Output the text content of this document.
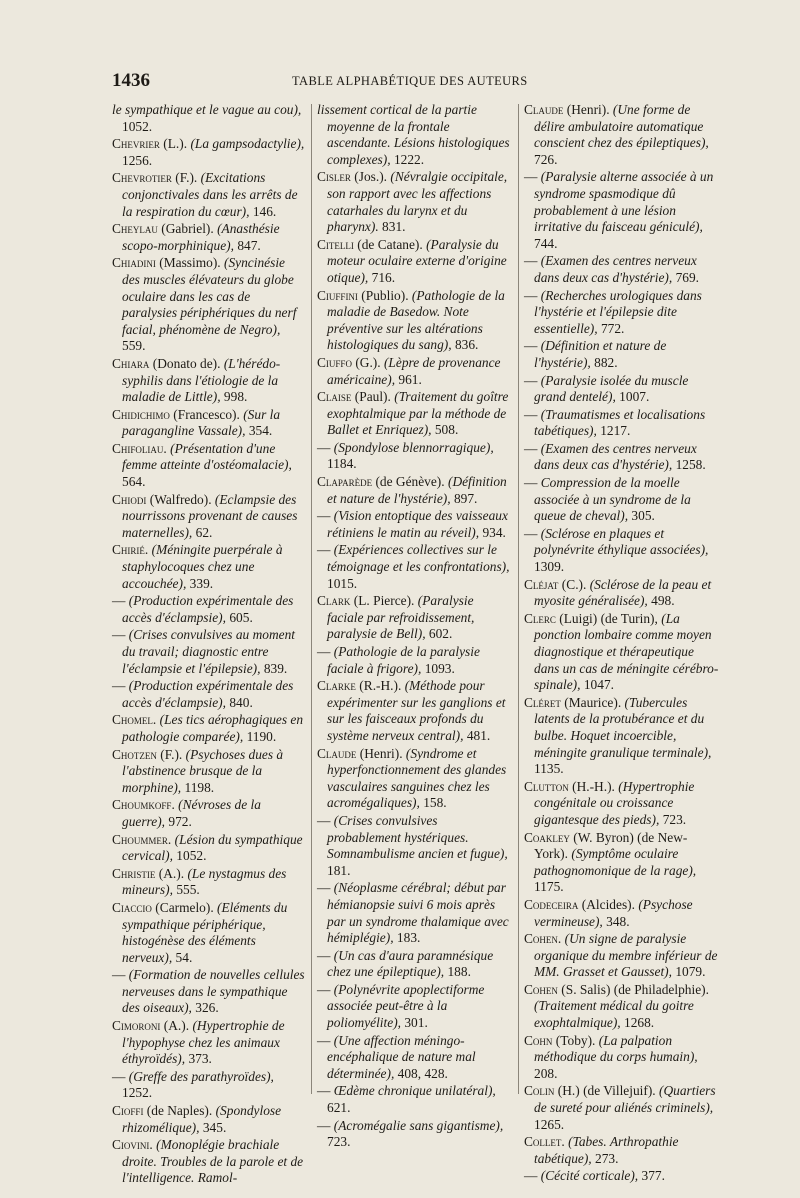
1436	TABLE ALPHABÉTIQUE DES AUTEURS
le sympathique et le vague au cou), 1052.
Chevrier (L.). (La gampsodactylie), 1256.
Chevrotier (F.). (Excitations conjonctivales dans les arrêts de la respiration du cœur), 146.
Cheylau (Gabriel). (Anasthésie scopo-morphinique), 847.
Chiadini (Massimo). (Syncinésie des muscles élévateurs du globe oculaire dans les cas de paralysies périphériques du nerf facial, phénomène de Negro), 559.
Chiara (Donato de). (L'hérédo-syphilis dans l'étiologie de la maladie de Little), 998.
Chidichimo (Francesco). (Sur la paragangline Vassale), 354.
Chifoliau. (Présentation d'une femme atteinte d'ostéomalacie), 564.
Chiodi (Walfredo). (Eclampsie des nourrissons provenant de causes maternelles), 62.
Chirié. (Méningite puerpérale à staphylocoques chez une accouchée), 339.
— (Production expérimentale des accès d'éclampsie), 605.
— (Crises convulsives au moment du travail; diagnostic entre l'éclampsie et l'épilepsie), 839.
— (Production expérimentale des accès d'éclampsie), 840.
Chomel. (Les tics aérophagiques en pathologie comparée), 1190.
Chotzen (F.). (Psychoses dues à l'abstinence brusque de la morphine), 1198.
Choumkoff. (Névroses de la guerre), 972.
Choummer. (Lésion du sympathique cervical), 1052.
Christie (A.). (Le nystagmus des mineurs), 555.
Ciaccio (Carmelo). (Eléments du sympathique périphérique, histogénèse des éléments nerveux), 54.
— (Formation de nouvelles cellules nerveuses dans le sympathique des oiseaux), 326.
Cimoroni (A.). (Hypertrophie de l'hypophyse chez les animaux éthyroïdés), 373.
— (Greffe des parathyroïdes), 1252.
Cioffi (de Naples). (Spondylose rhizomélique), 345.
Ciovini. (Monoplégie brachiale droite. Troubles de la parole et de l'intelligence. Ramol-
lissement cortical de la partie moyenne de la frontale ascendante. Lésions histologiques complexes), 1222.
Cisler (Jos.). (Névralgie occipitale, son rapport avec les affections catarhales du larynx et du pharynx). 831.
Citelli (de Catane). (Paralysie du moteur oculaire externe d'origine otique), 716.
Ciuffini (Publio). (Pathologie de la maladie de Basedow. Note préventive sur les altérations histologiques du sang), 836.
Ciuffo (G.). (Lèpre de provenance américaine), 961.
Claise (Paul). (Traitement du goître exophtalmique par la méthode de Ballet et Enriquez), 508.
— (Spondylose blennorragique), 1184.
Claparède (de Génève). (Définition et nature de l'hystérie), 897.
— (Vision entoptique des vaisseaux rétiniens le matin au réveil), 934.
— (Expériences collectives sur le témoignage et les confrontations), 1015.
Clark (L. Pierce). (Paralysie faciale par refroidissement, paralysie de Bell), 602.
— (Pathologie de la paralysie faciale à frigore), 1093.
Clarke (R.-H.). (Méthode pour expérimenter sur les ganglions et sur les faisceaux profonds du système nerveux central), 481.
Claude (Henri). (Syndrome et hyperfonctionnement des glandes vasculaires sanguines chez les acromégaliques), 158.
— (Crises convulsives probablement hystériques. Somnambulisme ancien et fugue), 181.
— (Néoplasme cérébral; début par hémianopsie suivi 6 mois après par un syndrome thalamique avec hémiplégie), 183.
— (Un cas d'aura paramnésique chez une épileptique), 188.
— (Polynévrite apoplectiforme associée peut-être à la poliomyélite), 301.
— (Une affection méningo-encéphalique de nature mal déterminée), 408, 428.
— Œdème chronique unilatéral), 621.
— (Acromégalie sans gigantisme), 723.
Claude (Henri). (Une forme de délire ambulatoire automatique conscient chez des épileptiques), 726.
— (Paralysie alterne associée à un syndrome spasmodique dû probablement à une lésion irritative du faisceau géniculé), 744.
— (Examen des centres nerveux dans deux cas d'hystérie), 769.
— (Recherches urologiques dans l'hystérie et l'épilepsie dite essentielle), 772.
— (Définition et nature de l'hystérie), 882.
— (Paralysie isolée du muscle grand dentelé), 1007.
— (Traumatismes et localisations tabétiques), 1217.
— (Examen des centres nerveux dans deux cas d'hystérie), 1258.
— Compression de la moelle associée à un syndrome de la queue de cheval), 305.
— (Sclérose en plaques et polynévrite éthylique associées), 1309.
Cléjat (C.). (Sclérose de la peau et myosite généralisée), 498.
Clerc (Luigi) (de Turin), (La ponction lombaire comme moyen diagnostique et thérapeutique dans un cas de méningite cérébro-spinale), 1047.
Cléret (Maurice). (Tubercules latents de la protubérance et du bulbe. Hoquet incoercible, méningite granulique terminale), 1135.
Clutton (H.-H.). (Hypertrophie congénitale ou croissance gigantesque des pieds), 723.
Coakley (W. Byron) (de New-York). (Symptôme oculaire pathognomonique de la rage), 1175.
Codeceira (Alcides). (Psychose vermineuse), 348.
Cohen. (Un signe de paralysie organique du membre inférieur de MM. Grasset et Gausset), 1079.
Cohen (S. Salis) (de Philadelphie). (Traitement médical du goitre exophtalmique), 1268.
Cohn (Toby). (La palpation méthodique du corps humain), 208.
Colin (H.) (de Villejuif). (Quartiers de sureté pour aliénés criminels), 1265.
Collet. (Tabes. Arthropathie tabétique), 273.
— (Cécité corticale), 377.
